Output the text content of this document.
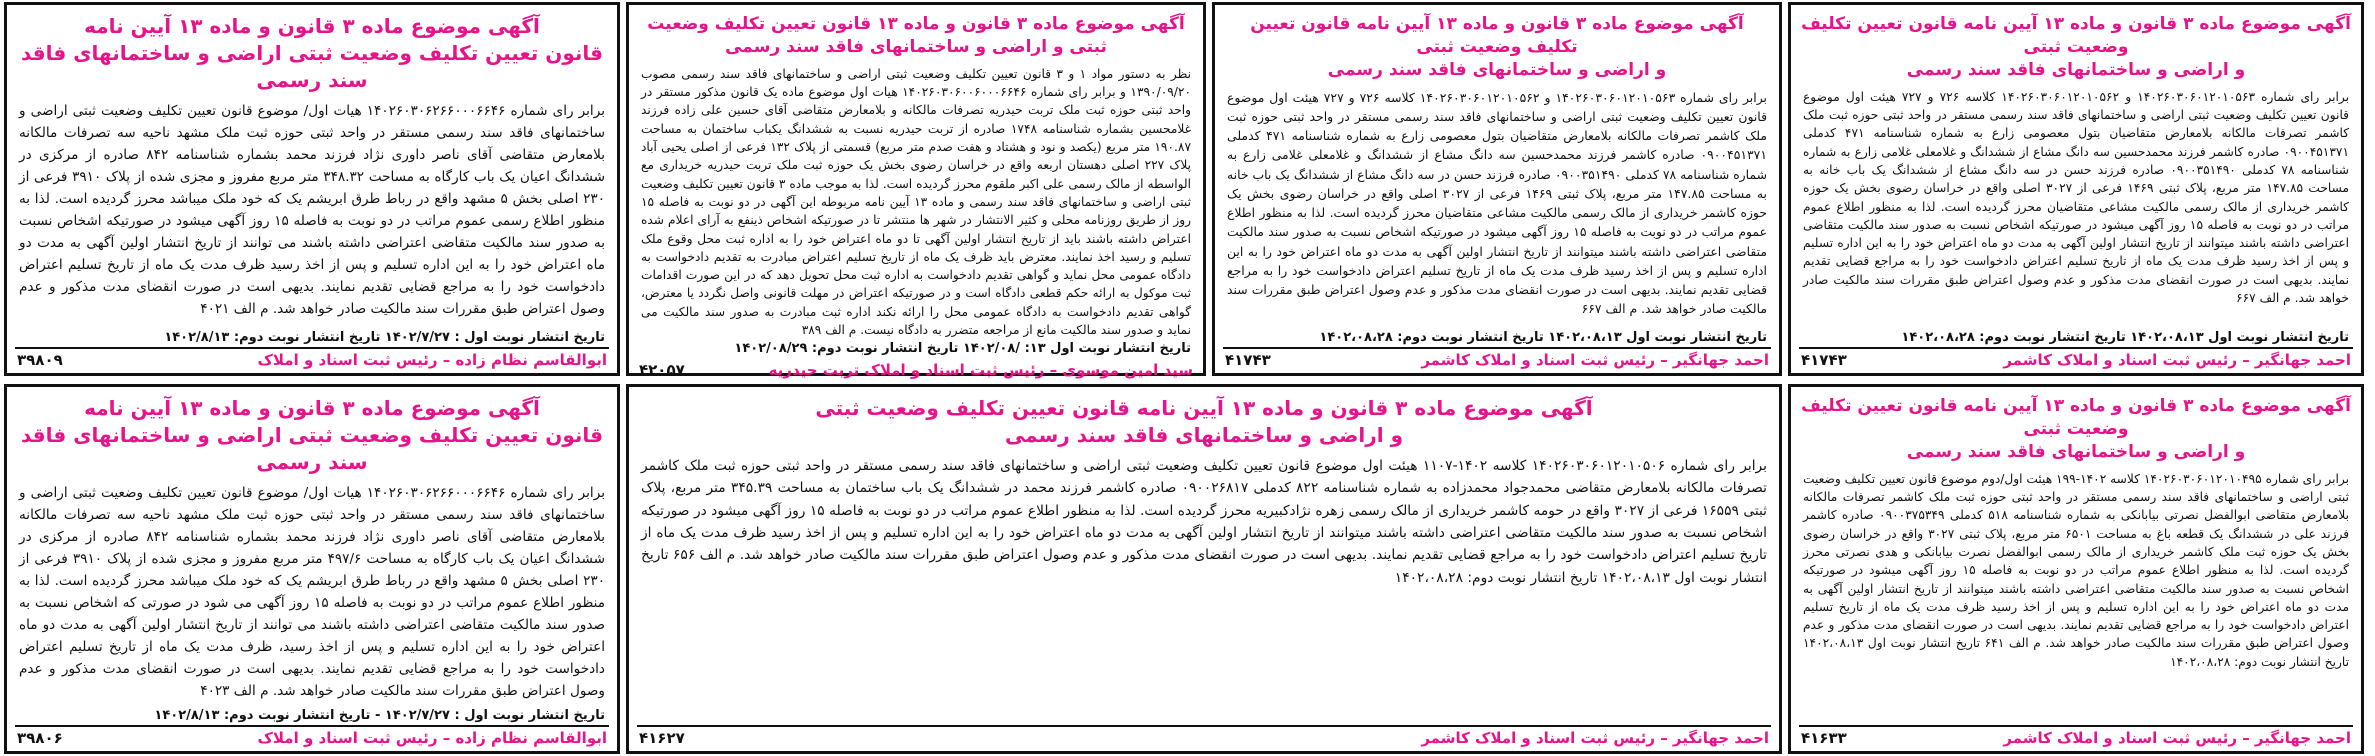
آگهی موضوع ماده ۳ قانون و ماده ۱۳ آیین نامه
قانون تعیین تکلیف وضعیت ثبتی اراضی و ساختمانهای فاقد سند رسمی
برابر رای شماره ۱۴۰۲۶۰۳۰۶۲۶۶۰۰۰۶۶۴۶ هیات اول/ موضوع قانون تعیین تکلیف وضعیت ثبتی اراضی و ساختمانهای فاقد سند رسمی مستقر در واحد ثبتی حوزه ثبت ملک مشهد ناحیه سه تصرفات مالکانه بلامعارض متقاضی آقای ناصر داوری نژاد فرزند محمد بشماره شناسنامه ۸۴۲ صادره از مرکزی در ششدانگ اعیان یک باب کارگاه به مساحت ۳۴۸.۳۲ متر مربع مفروز و مجزی شده از پلاک ۳۹۱۰ فرعی از ۲۳۰ اصلی بخش ۵ مشهد واقع در رباط طرق ابریشم یک که خود ملک میباشد محرز گردیده است. لذا به منظور اطلاع رسمی عموم مراتب در دو نوبت به فاصله ۱۵ روز آگهی میشود در صورتیکه اشخاص نسبت به صدور سند مالکیت متقاضی اعتراضی داشته باشند می توانند از تاریخ انتشار اولین آگهی به مدت دو ماه اعتراض خود را به این اداره تسلیم و پس از اخذ رسید ظرف مدت یک ماه از تاریخ تسلیم اعتراض دادخواست خود را به مراجع قضایی تقدیم نمایند. بدیهی است در صورت انقضای مدت مذکور و عدم وصول اعتراض طبق مقررات سند مالکیت صادر خواهد شد. م الف ۴۰۲۱
تاریخ انتشار نوبت اول : ۱۴۰۲/۷/۲۷ تاریخ انتشار نوبت دوم: ۱۴۰۲/۸/۱۳
ابوالقاسم نظام زاده – رئیس ثبت اسناد و املاک
۳۹۸۰۹
آگهی موضوع ماده ۳ قانون و ماده ۱۳ قانون تعیین تکلیف وضعیت ثبتی و اراضی و ساختمانهای فاقد سند رسمی
نظر به دستور مواد ۱ و ۳ قانون تعیین تکلیف وضعیت ثبتی اراضی و ساختمانهای فاقد سند رسمی مصوب ۱۳۹۰/۰۹/۲۰ و برابر رای شماره ۱۴۰۲۶۰۳۰۶۰۰۶۰۰۰۶۶۴۶ هیات اول موضوع ماده یک قانون مذکور مستقر در واحد ثبتی حوزه ثبت ملک تربت حیدریه تصرفات مالکانه و بلامعارض متقاضی آقای حسین علی زاده فرزند غلامحسین بشماره شناسنامه ۱۷۴۸ صادره از تربت حیدریه نسبت به ششدانگ یکباب ساختمان به مساحت ۱۹۰.۸۷ متر مربع (یکصد و نود و هشتاد و هفت صدم متر مربع) قسمتی از پلاک ۱۳۲ فرعی از اصلی یحیی آباد پلاک ۲۲۷ اصلی دهستان اربعه واقع در خراسان رضوی بخش یک حوزه ثبت ملک تربت حیدریه خریداری مع الواسطه از مالک رسمی علی اکبر ملقوم محرز گردیده است. لذا به موجب ماده ۳ قانون تعیین تکلیف وضعیت ثبتی اراضی و ساختمانهای فاقد سند رسمی و ماده ۱۳ آیین نامه مربوطه این آگهی در دو نوبت به فاصله ۱۵ روز از طریق روزنامه محلی و کثیر الانتشار در شهر ها منتشر تا در صورتیکه اشخاص ذینفع به آرای اعلام شده اعتراض داشته باشند باید از تاریخ انتشار اولین آگهی تا دو ماه اعتراض خود را به اداره ثبت محل وقوع ملک تسلیم و رسید اخذ نمایند. معترض باید ظرف یک ماه از تاریخ تسلیم اعتراض مبادرت به تقدیم دادخواست به دادگاه عمومی محل نماید و گواهی تقدیم دادخواست به اداره ثبت محل تحویل دهد که در این صورت اقدامات ثبت موکول به ارائه حکم قطعی دادگاه است و در صورتیکه اعتراض در مهلت قانونی واصل نگردد یا معترض، گواهی تقدیم دادخواست به دادگاه عمومی محل را ارائه نکند اداره ثبت مبادرت به صدور سند مالکیت می نماید و صدور سند مالکیت مانع از مراجعه متضرر به دادگاه نیست. م الف ۳۸۹
تاریخ انتشار نوبت اول ۱۳: /۱۴۰۲/۰۸ تاریخ انتشار نوبت دوم: ۱۴۰۲/۰۸/۲۹
سید امین موسوی – رئیس ثبت اسناد و املاک تربت حیدریه
۴۲۰۵۷
آگهی موضوع ماده ۳ قانون و ماده ۱۳ آیین نامه قانون تعیین تکلیف وضعیت ثبتی
و اراضی و ساختمانهای فاقد سند رسمی
برابر رای شماره ۱۴۰۲۶۰۳۰۶۰۱۲۰۱۰۵۶۳ و ۱۴۰۲۶۰۳۰۶۰۱۲۰۱۰۵۶۲ کلاسه ۷۲۶ و ۷۲۷ هیئت اول موضوع قانون تعیین تکلیف وضعیت ثبتی اراضی و ساختمانهای فاقد سند رسمی مستقر در واحد ثبتی حوزه ثبت ملک کاشمر تصرفات مالکانه بلامعارض متقاضیان بتول معصومی زارع به شماره شناسنامه ۴۷۱ کدملی ۰۹۰۰۴۵۱۳۷۱ صادره کاشمر فرزند محمدحسین سه دانگ مشاع از ششدانگ و غلامعلی غلامی زارع به شماره شناسنامه ۷۸ کدملی ۰۹۰۰۳۵۱۴۹۰ صادره فرزند حسن در سه دانگ مشاع از ششدانگ یک باب خانه به مساحت ۱۴۷.۸۵ متر مربع، پلاک ثبتی ۱۴۶۹ فرعی از ۳۰۲۷ اصلی واقع در خراسان رضوی بخش یک حوزه کاشمر خریداری از مالک رسمی مالکیت مشاعی متقاضیان محرز گردیده است. لذا به منظور اطلاع عموم مراتب در دو نوبت به فاصله ۱۵ روز آگهی میشود در صورتیکه اشخاص نسبت به صدور سند مالکیت متقاضی اعتراضی داشته باشند میتوانند از تاریخ انتشار اولین آگهی به مدت دو ماه اعتراض خود را به این اداره تسلیم و پس از اخذ رسید ظرف مدت یک ماه از تاریخ تسلیم اعتراض دادخواست خود را به مراجع قضایی تقدیم نمایند. بدیهی است در صورت انقضای مدت مذکور و عدم وصول اعتراض طبق مقررات سند مالکیت صادر خواهد شد. م الف ۶۶۷
تاریخ انتشار نوبت اول ۱۴۰۲،۰۸،۱۳ تاریخ انتشار نوبت دوم: ۱۴۰۲،۰۸،۲۸
احمد جهانگیر – رئیس ثبت اسناد و املاک کاشمر
۴۱۷۴۳
آگهی موضوع ماده ۳ قانون و ماده ۱۳ آیین نامه
قانون تعیین تکلیف وضعیت ثبتی اراضی و ساختمانهای فاقد سند رسمی
برابر رای شماره ۱۴۰۲۶۰۳۰۶۲۶۶۰۰۰۶۶۴۶ هیات اول/ موضوع قانون تعیین تکلیف وضعیت ثبتی اراضی و ساختمانهای فاقد سند رسمی مستقر در واحد ثبتی حوزه ثبت ملک مشهد ناحیه سه تصرفات مالکانه بلامعارض متقاضی آقای ناصر داوری نژاد فرزند محمد بشماره شناسنامه ۸۴۲ صادره از مرکزی در ششدانگ اعیان یک باب کارگاه به مساحت ۴۹۷/۶ متر مربع مفروز و مجزی شده از پلاک ۳۹۱۰ فرعی از ۲۳۰ اصلی بخش ۵ مشهد واقع در رباط طرق ابریشم یک که خود ملک میباشد محرز گردیده است. لذا به منظور اطلاع عموم مراتب در دو نوبت به فاصله ۱۵ روز آگهی می شود در صورتی که اشخاص نسبت به صدور سند مالکیت متقاضی اعتراضی داشته باشند می توانند از تاریخ انتشار اولین آگهی به مدت دو ماه اعتراض خود را به این اداره تسلیم و پس از اخذ رسید، ظرف مدت یک ماه از تاریخ تسلیم اعتراض دادخواست خود را به مراجع قضایی تقدیم نمایند. بدیهی است در صورت انقضای مدت مذکور و عدم وصول اعتراض طبق مقررات سند مالکیت صادر خواهد شد. م الف ۴۰۲۳
تاریخ انتشار نوبت اول : ۱۴۰۲/۷/۲۷ - تاریخ انتشار نوبت دوم: ۱۴۰۲/۸/۱۳
ابوالقاسم نظام زاده – رئیس ثبت اسناد و املاک
۳۹۸۰۶
آگهی موضوع ماده ۳ قانون و ماده ۱۳ آیین نامه قانون تعیین تکلیف وضعیت ثبتی
و اراضی و ساختمانهای فاقد سند رسمی
برابر رای شماره ۱۴۰۲۶۰۳۰۶۰۱۲۰۱۰۵۰۶ کلاسه ۱۴۰۲-۱۱۰۷ هیئت اول موضوع قانون تعیین تکلیف وضعیت ثبتی اراضی و ساختمانهای فاقد سند رسمی مستقر در واحد ثبتی حوزه ثبت ملک کاشمر تصرفات مالکانه بلامعارض متقاضی محمدجواد محمدزاده به شماره شناسنامه ۸۲۲ کدملی ۰۹۰۰۲۶۸۱۷ صادره کاشمر فرزند محمد در ششدانگ یک باب ساختمان به مساحت ۳۴۵.۳۹ متر مربع، پلاک ثبتی ۱۶۵۵۹ فرعی از ۳۰۲۷ واقع در حومه کاشمر خریداری از مالک رسمی زهره نژادکبیریه محرز گردیده است. لذا به منظور اطلاع عموم مراتب در دو نوبت به فاصله ۱۵ روز آگهی میشود در صورتیکه اشخاص نسبت به صدور سند مالکیت متقاضی اعتراضی داشته باشند میتوانند از تاریخ انتشار اولین آگهی به مدت دو ماه اعتراض خود را به این اداره تسلیم و پس از اخذ رسید ظرف مدت یک ماه از تاریخ تسلیم اعتراض دادخواست خود را به مراجع قضایی تقدیم نمایند. بدیهی است در صورت انقضای مدت مذکور و عدم وصول اعتراض طبق مقررات سند مالکیت صادر خواهد شد. م الف ۶۵۶ تاریخ انتشار نوبت اول ۱۴۰۲،۰۸،۱۳ تاریخ انتشار نوبت دوم: ۱۴۰۲،۰۸،۲۸
احمد جهانگیر – رئیس ثبت اسناد و املاک کاشمر
۴۱۶۲۷
آگهی موضوع ماده ۳ قانون و ماده ۱۳ آیین نامه قانون تعیین تکلیف وضعیت ثبتی
و اراضی و ساختمانهای فاقد سند رسمی
برابر رای شماره ۱۴۰۲۶۰۳۰۶۰۱۲۰۱۰۴۹۵ کلاسه ۱۴۰۲-۱۹۹ هیئت اول/دوم موضوع قانون تعیین تکلیف وضعیت ثبتی اراضی و ساختمانهای فاقد سند رسمی مستقر در واحد ثبتی حوزه ثبت ملک کاشمر تصرفات مالکانه بلامعارض متقاضی ابوالفضل نصرتی بیابانکی به شماره شناسنامه ۵۱۸ کدملی ۰۹۰۰۳۷۵۳۴۹ صادره کاشمر فرزند علی در ششدانگ یک قطعه باغ به مساحت ۶۵۰۱ متر مربع، پلاک ثبتی ۳۰۲۷ واقع در خراسان رضوی بخش یک حوزه ثبت ملک کاشمر خریداری از مالک رسمی ابوالفضل نصرت بیابانکی و هدی نصرتی محرز گردیده است. لذا به منظور اطلاع عموم مراتب در دو نوبت به فاصله ۱۵ روز آگهی میشود در صورتیکه اشخاص نسبت به صدور سند مالکیت متقاضی اعتراضی داشته باشند میتوانند از تاریخ انتشار اولین آگهی به مدت دو ماه اعتراض خود را به این اداره تسلیم و پس از اخذ رسید ظرف مدت یک ماه از تاریخ تسلیم اعتراض دادخواست خود را به مراجع قضایی تقدیم نمایند. بدیهی است در صورت انقضای مدت مذکور و عدم وصول اعتراض طبق مقررات سند مالکیت صادر خواهد شد. م الف ۶۴۱ تاریخ انتشار نوبت اول ۱۴۰۲،۰۸،۱۳ تاریخ انتشار نوبت دوم: ۱۴۰۲،۰۸،۲۸
احمد جهانگیر – رئیس ثبت اسناد و املاک کاشمر
۴۱۶۳۳
آگهی موضوع ماده ۳ قانون و ماده ۱۳ آیین نامه قانون تعیین تکلیف وضعیت ثبتی
و اراضی و ساختمانهای فاقد سند رسمی
برابر رای شماره ۱۴۰۲۶۰۳۰۶۰۱۲۰۱۰۵۶۳ و ۱۴۰۲۶۰۳۰۶۰۱۲۰۱۰۵۶۲ کلاسه ۷۲۶ و ۷۲۷ هیئت اول موضوع قانون تعیین تکلیف وضعیت ثبتی اراضی و ساختمانهای فاقد سند رسمی مستقر در واحد ثبتی حوزه ثبت ملک کاشمر تصرفات مالکانه بلامعارض متقاضیان بتول معصومی زارع به شماره شناسنامه ۴۷۱ کدملی ۰۹۰۰۴۵۱۳۷۱ صادره کاشمر فرزند محمدحسین سه دانگ مشاع از ششدانگ و غلامعلی غلامی زارع به شماره شناسنامه ۷۸ کدملی ۰۹۰۰۳۵۱۴۹۰ صادره فرزند حسن در سه دانگ مشاع از ششدانگ یک باب خانه به مساحت ۱۴۷.۸۵ متر مربع، پلاک ثبتی ۱۴۶۹ فرعی از ۳۰۲۷ اصلی واقع در خراسان رضوی بخش یک حوزه کاشمر خریداری از مالک رسمی مالکیت مشاعی متقاضیان محرز گردیده است. لذا به منظور اطلاع عموم مراتب در دو نوبت به فاصله ۱۵ روز آگهی میشود در صورتیکه اشخاص نسبت به صدور سند مالکیت متقاضی اعتراضی داشته باشند میتوانند از تاریخ انتشار اولین آگهی به مدت دو ماه اعتراض خود را به این اداره تسلیم و پس از اخذ رسید ظرف مدت یک ماه از تاریخ تسلیم اعتراض دادخواست خود را به مراجع قضایی تقدیم نمایند. بدیهی است در صورت انقضای مدت مذکور و عدم وصول اعتراض طبق مقررات سند مالکیت صادر خواهد شد. م الف ۶۶۷
تاریخ انتشار نوبت اول ۱۴۰۲،۰۸،۱۳ تاریخ انتشار نوبت دوم: ۱۴۰۲،۰۸،۲۸
احمد جهانگیر – رئیس ثبت اسناد و املاک کاشمر
۴۱۷۴۳
